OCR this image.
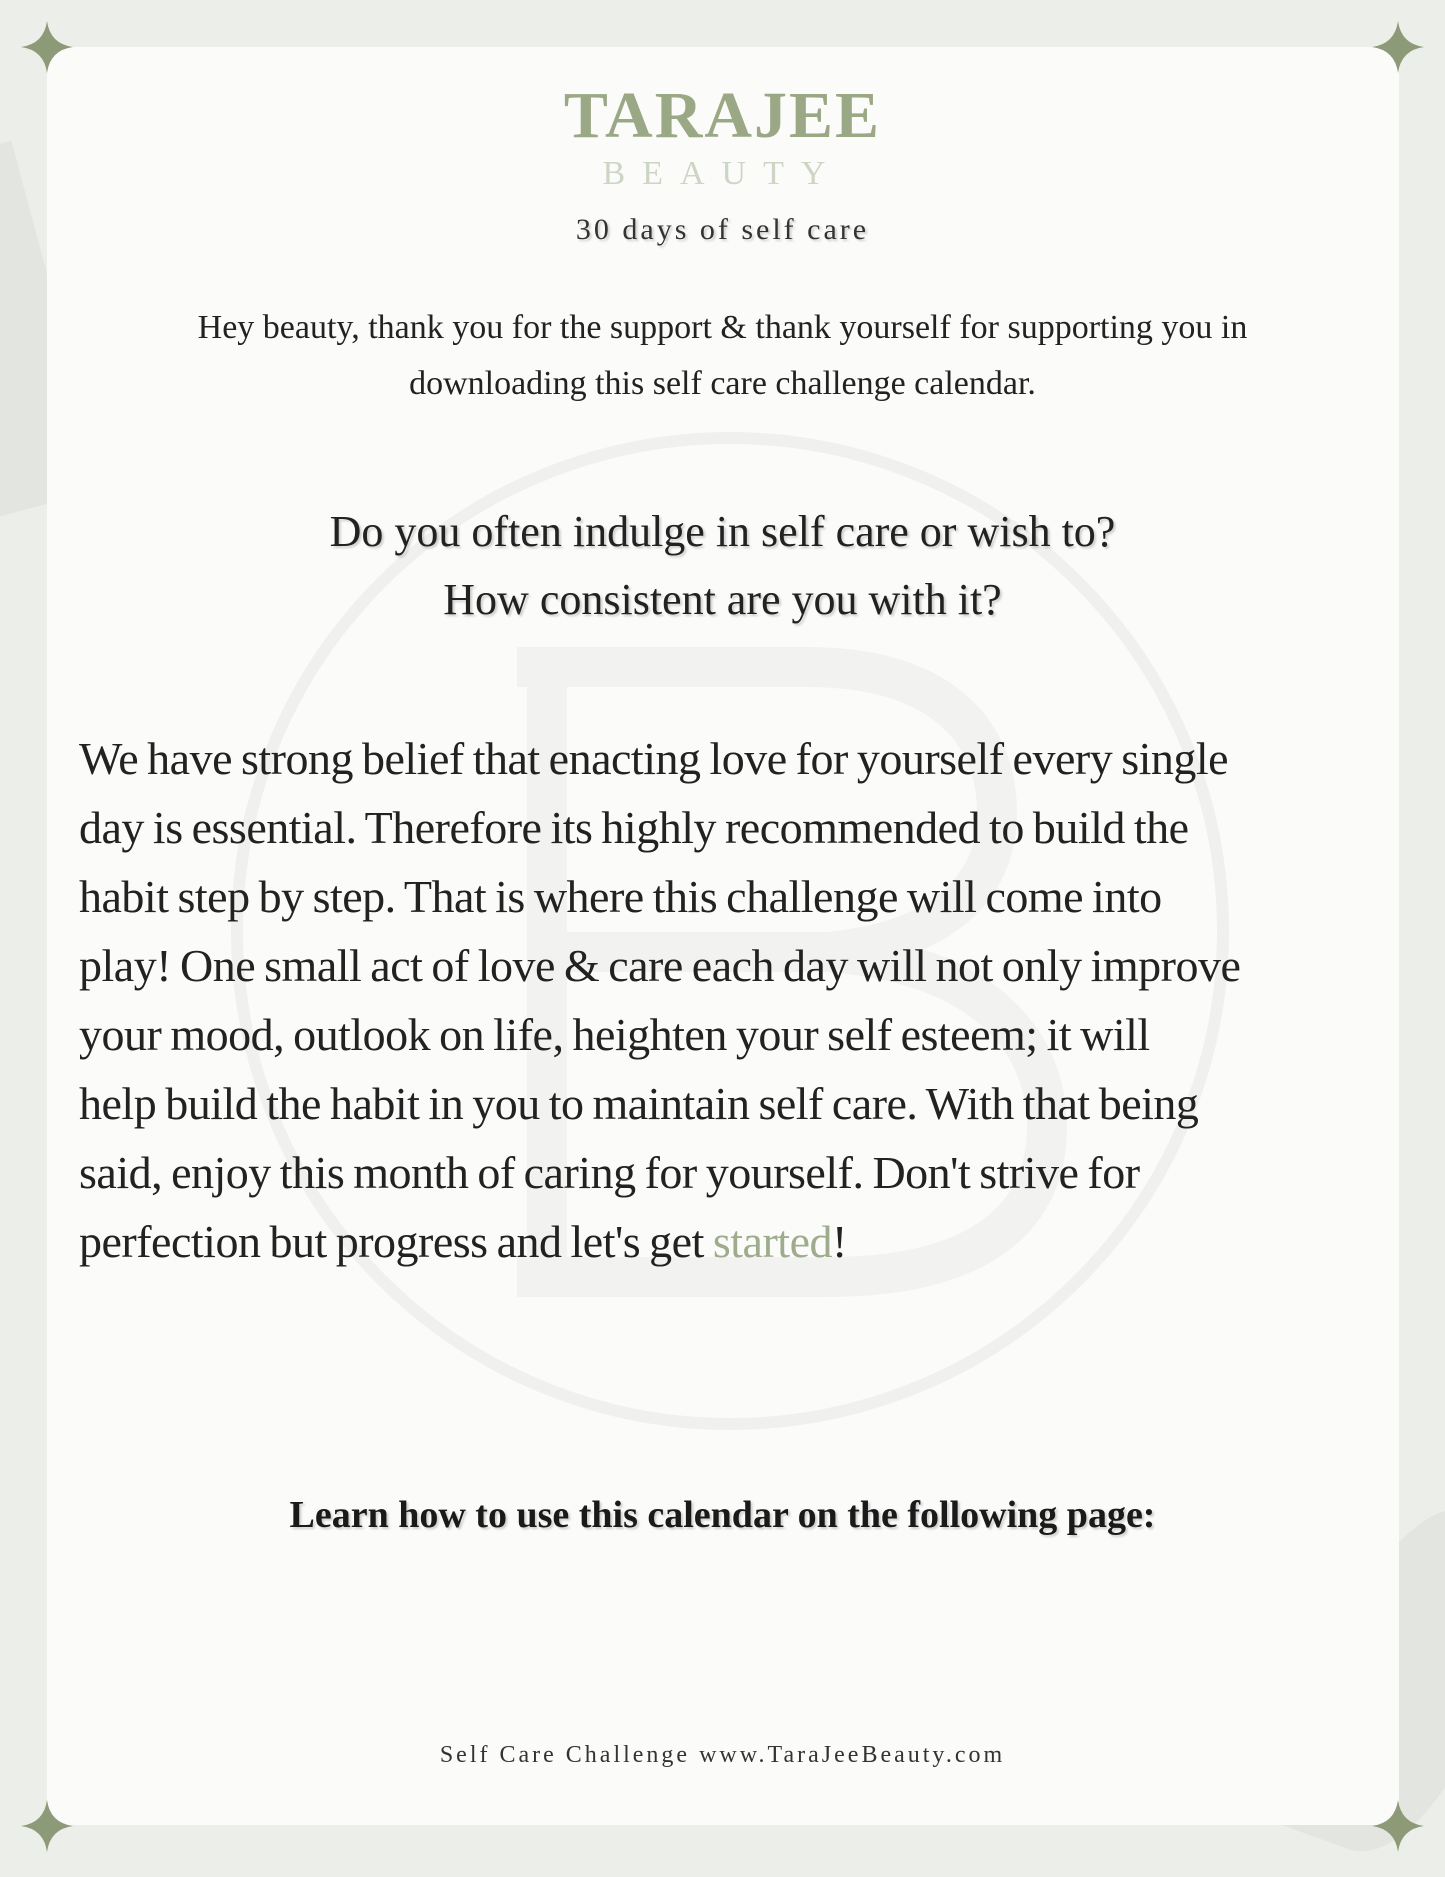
TARAJEE
BEAUTY
30 days of self care
Hey beauty, thank you for the support & thank yourself for supporting you in
downloading this self care challenge calendar.
Do you often indulge in self care or wish to?
How consistent are you with it?
We have strong belief that enacting love for yourself every single
day is essential. Therefore its highly recommended to build the
habit step by step. That is where this challenge will come into
play! One small act of love & care each day will not only improve
your mood, outlook on life, heighten your self esteem; it will
help build the habit in you to maintain self care. With that being
said, enjoy this month of caring for yourself. Don't strive for
perfection but progress and let's get started!
Learn how to use this calendar on the following page:
Self Care Challenge www.TaraJeeBeauty.com
